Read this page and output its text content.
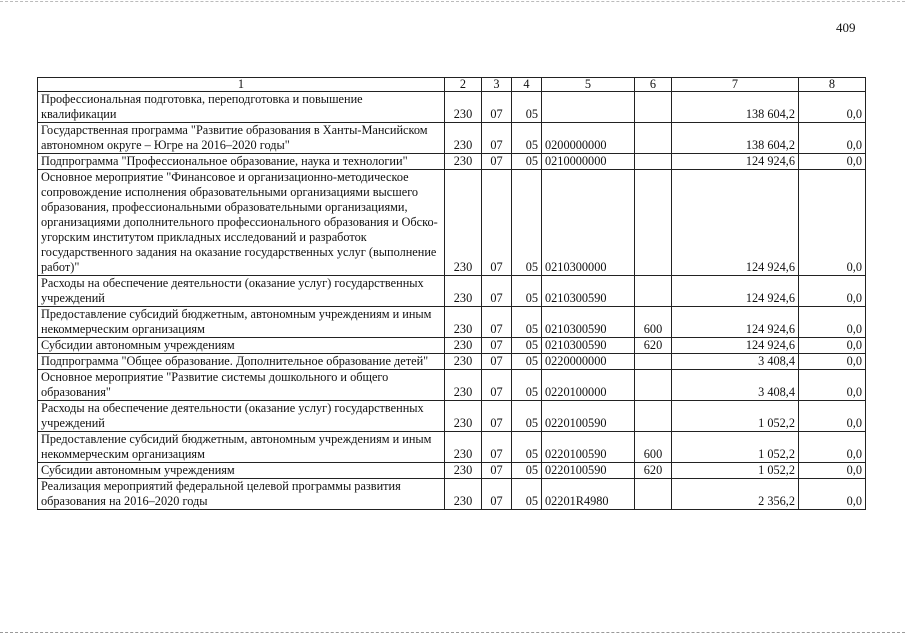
409
1	2	3	4	5	6	7	8
Профессиональная подготовка, переподготовка и повышение квалификации	230	07	05			138 604,2	0,0
Государственная программа "Развитие образования в Ханты-Мансийском автономном округе – Югре на 2016–2020 годы"	230	07	05	0200000000		138 604,2	0,0
Подпрограмма "Профессиональное образование, наука и технологии"	230	07	05	0210000000		124 924,6	0,0
Основное мероприятие "Финансовое и организационно-методическое сопровождение исполнения образовательными организациями высшего образования, профессиональными образовательными организациями, организациями дополнительного профессионального образования и Обско-угорским институтом прикладных исследований и разработок государственного задания на оказание государственных услуг (выполнение работ)"	230	07	05	0210300000		124 924,6	0,0
Расходы на обеспечение деятельности (оказание услуг) государственных учреждений	230	07	05	0210300590		124 924,6	0,0
Предоставление субсидий бюджетным, автономным учреждениям и иным некоммерческим организациям	230	07	05	0210300590	600	124 924,6	0,0
Субсидии автономным учреждениям	230	07	05	0210300590	620	124 924,6	0,0
Подпрограмма "Общее образование. Дополнительное образование детей"	230	07	05	0220000000		3 408,4	0,0
Основное мероприятие "Развитие системы дошкольного и общего образования"	230	07	05	0220100000		3 408,4	0,0
Расходы на обеспечение деятельности (оказание услуг) государственных учреждений	230	07	05	0220100590		1 052,2	0,0
Предоставление субсидий бюджетным, автономным учреждениям и иным некоммерческим организациям	230	07	05	0220100590	600	1 052,2	0,0
Субсидии автономным учреждениям	230	07	05	0220100590	620	1 052,2	0,0
Реализация мероприятий федеральной целевой программы развития образования на 2016–2020 годы	230	07	05	02201R4980		2 356,2	0,0
